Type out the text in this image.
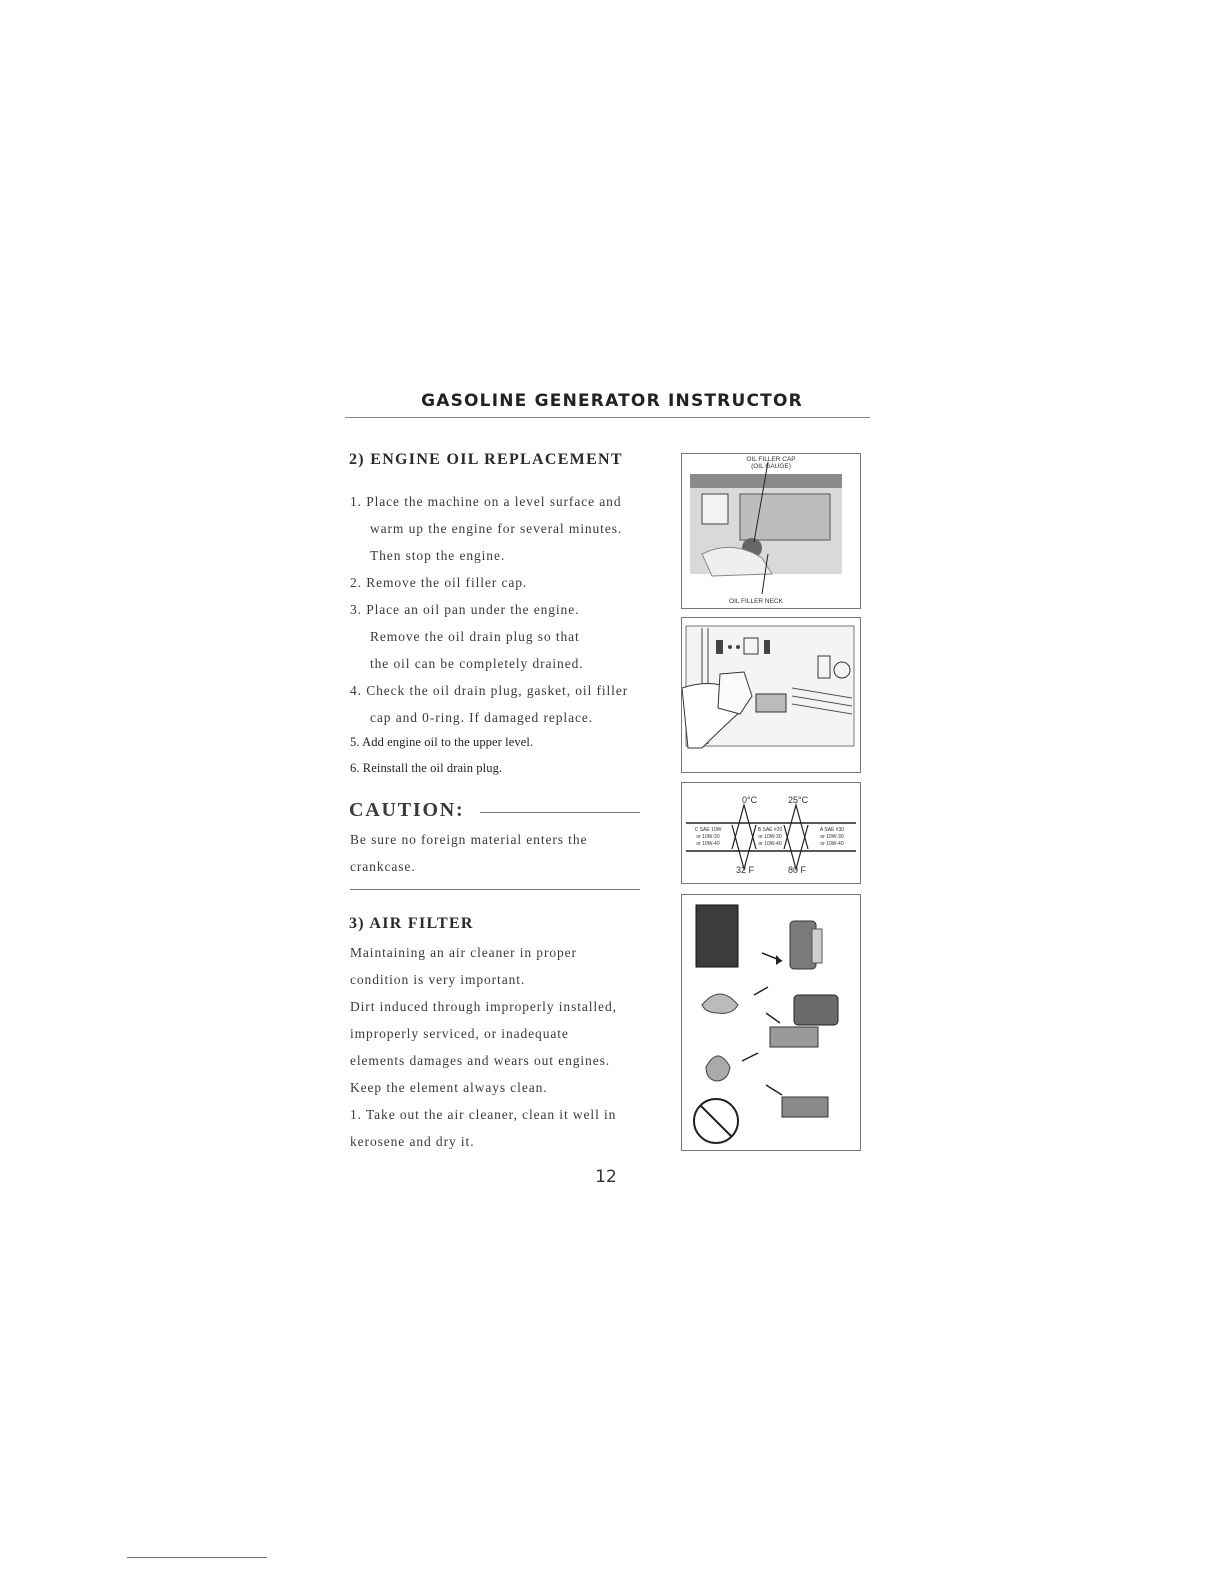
GASOLINE GENERATOR INSTRUCTOR
2) ENGINE OIL REPLACEMENT
1. Place the machine on a level surface and
warm up the engine for several minutes.
Then stop the engine.
2. Remove the oil filler cap.
3. Place an oil pan under the engine.
Remove the oil drain plug so that
the oil can be completely drained.
4. Check the oil drain plug, gasket, oil filler
cap and 0-ring. If damaged replace.
5. Add engine oil to the upper level.
6. Reinstall the oil drain plug.
CAUTION:
Be sure no foreign material enters the
crankcase.
3) AIR FILTER
Maintaining an air cleaner in proper
condition is very important.
Dirt induced through improperly installed,
improperly serviced, or inadequate
elements damages and wears out engines.
Keep the element always clean.
1. Take out the air cleaner, clean it well in
kerosene and dry it.
OIL FILLER CAP
(OIL GAUGE)
OIL FILLER NECK
0°C	25°C
C SAE 10W
or 10W-30
or 10W-40
B SAE #20
or 10W-30
or 10W-40
A SAE #30
or 10W-30
or 10W-40
32 F	80 F
12
